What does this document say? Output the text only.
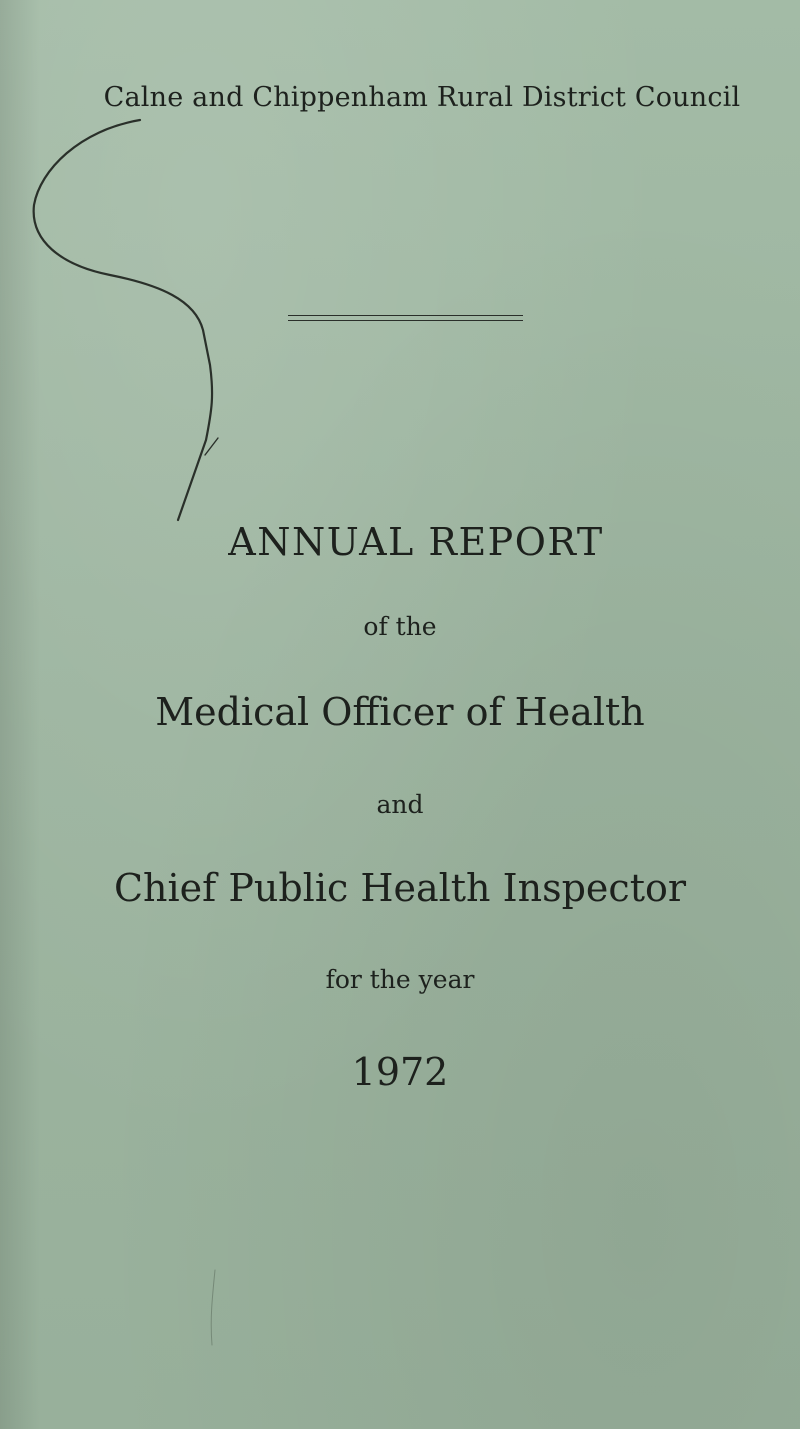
Calne and Chippenham Rural District Council
ANNUAL REPORT
of the
Medical Officer of Health
and
Chief Public Health Inspector
for the year
1972
